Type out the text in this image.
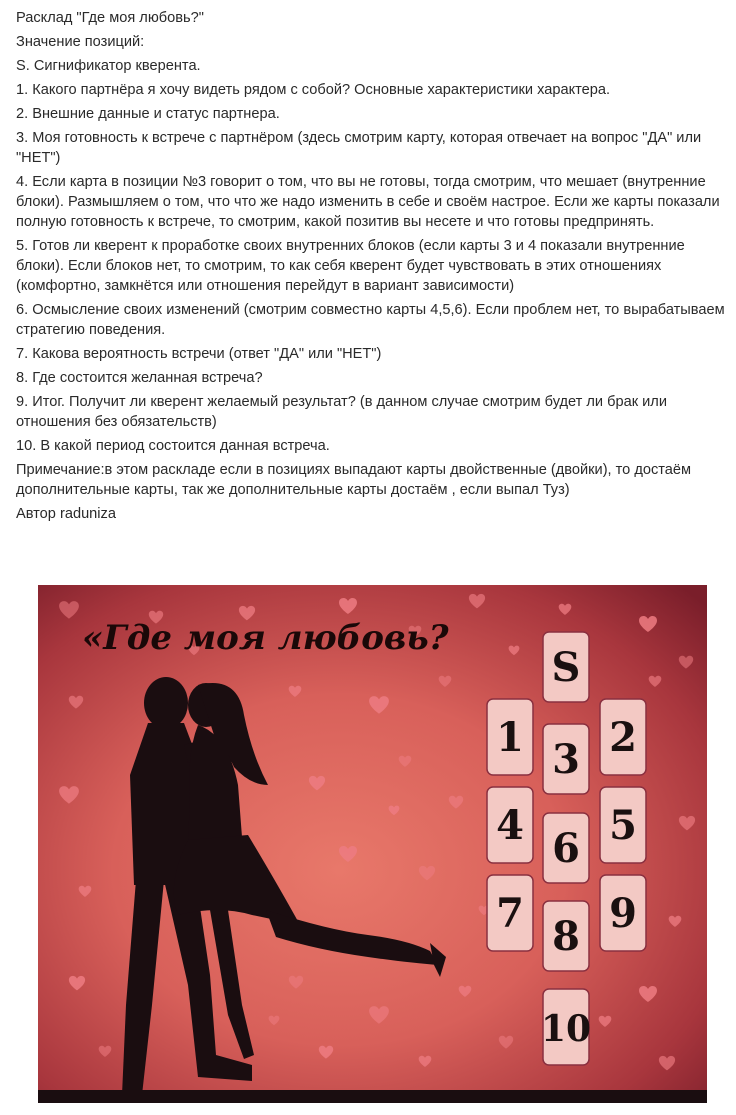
Расклад "Где моя любовь?"

Значение позиций:

S. Сигнификатор кверента.

1. Какого партнёра я хочу видеть рядом с собой? Основные характеристики характера.

2. Внешние данные и статус партнера.

3. Моя готовность к встрече с партнёром (здесь смотрим карту, которая отвечает на вопрос "ДА" или "НЕТ")

4. Если карта в позиции №3 говорит о том, что вы не готовы, тогда смотрим, что мешает (внутренние блоки). Размышляем о том, что что же надо изменить в себе и своём настрое. Если же карты показали полную готовность к встрече, то смотрим, какой позитив вы несете и что готовы предпринять.

5. Готов ли кверент к проработке своих внутренних блоков (если карты 3 и 4 показали внутренние блоки). Если блоков нет, то смотрим, то как себя кверент будет чувствовать в этих отношениях (комфортно, замкнётся или отношения перейдут в вариант зависимости)

6. Осмысление своих изменений (смотрим совместно карты 4,5,6). Если проблем нет, то вырабатываем стратегию поведения.

7. Какова вероятность встречи (ответ "ДА" или "НЕТ")

8. Где состоится желанная встреча?

9. Итог. Получит ли кверент желаемый результат? (в данном случае смотрим будет ли брак или отношения без обязательств)

10. В какой период состоится данная встреча.

Примечание:в этом раскладе если в позициях выпадают карты двойственные (двойки), то достаём дополнительные карты, так же дополнительные карты достаём , если выпал Туз)

Автор raduniza

«Где моя любовь?
S
1 2
3
4 5
6
7 9
8
10
